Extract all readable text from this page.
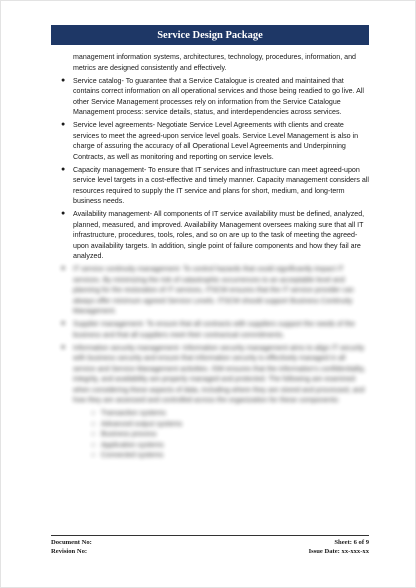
Service Design Package

management information systems, architectures, technology, procedures, information, and metrics are designed consistently and effectively.

● Service catalog- To guarantee that a Service Catalogue is created and maintained that contains correct information on all operational services and those being readied to go live. All other Service Management processes rely on information from the Service Catalogue Management process: service details, status, and interdependencies across services.
● Service level agreements- Negotiate Service Level Agreements with clients and create services to meet the agreed-upon service level goals. Service Level Management is also in charge of assuring the accuracy of all Operational Level Agreements and Underpinning Contracts, as well as monitoring and reporting on service levels.
● Capacity management- To ensure that IT services and infrastructure can meet agreed-upon service level targets in a cost-effective and timely manner. Capacity management considers all resources required to supply the IT service and plans for short, medium, and long-term business needs.
● Availability management- All components of IT service availability must be defined, analyzed, planned, measured, and improved. Availability Management oversees making sure that all IT infrastructure, procedures, tools, roles, and so on are up to the task of meeting the agreed-upon availability targets. In addition, single point of failure components and how they fail are analyzed.
● IT service continuity management- To control hazards that could significantly impact IT services. By minimizing the risk of catastrophic occurrences to an acceptable level and planning for the restoration of IT services, ITSCM ensures that the IT service provider can always offer minimum agreed Service Levels. ITSCM should support Business Continuity Management.
● Supplier management- To ensure that all contracts with suppliers support the needs of the business and that all suppliers meet their contractual commitments.
● Information security management- Information security management aims to align IT security with business security and ensure that information security is effectively managed in all service and Service Management activities. ISM ensures that the information's confidentiality, integrity, and availability are properly managed and protected. The following are examined when considering these aspects of data, including where they are stored and processed, and how they are assessed and controlled across the organization for these components:
○ Transaction systems
○ Advanced output systems
○ Business process
○ Application systems
○ Connected systems
Document No:	Sheet: 6 of 9
Revision No:	Issue Date: xx-xxx-xx
